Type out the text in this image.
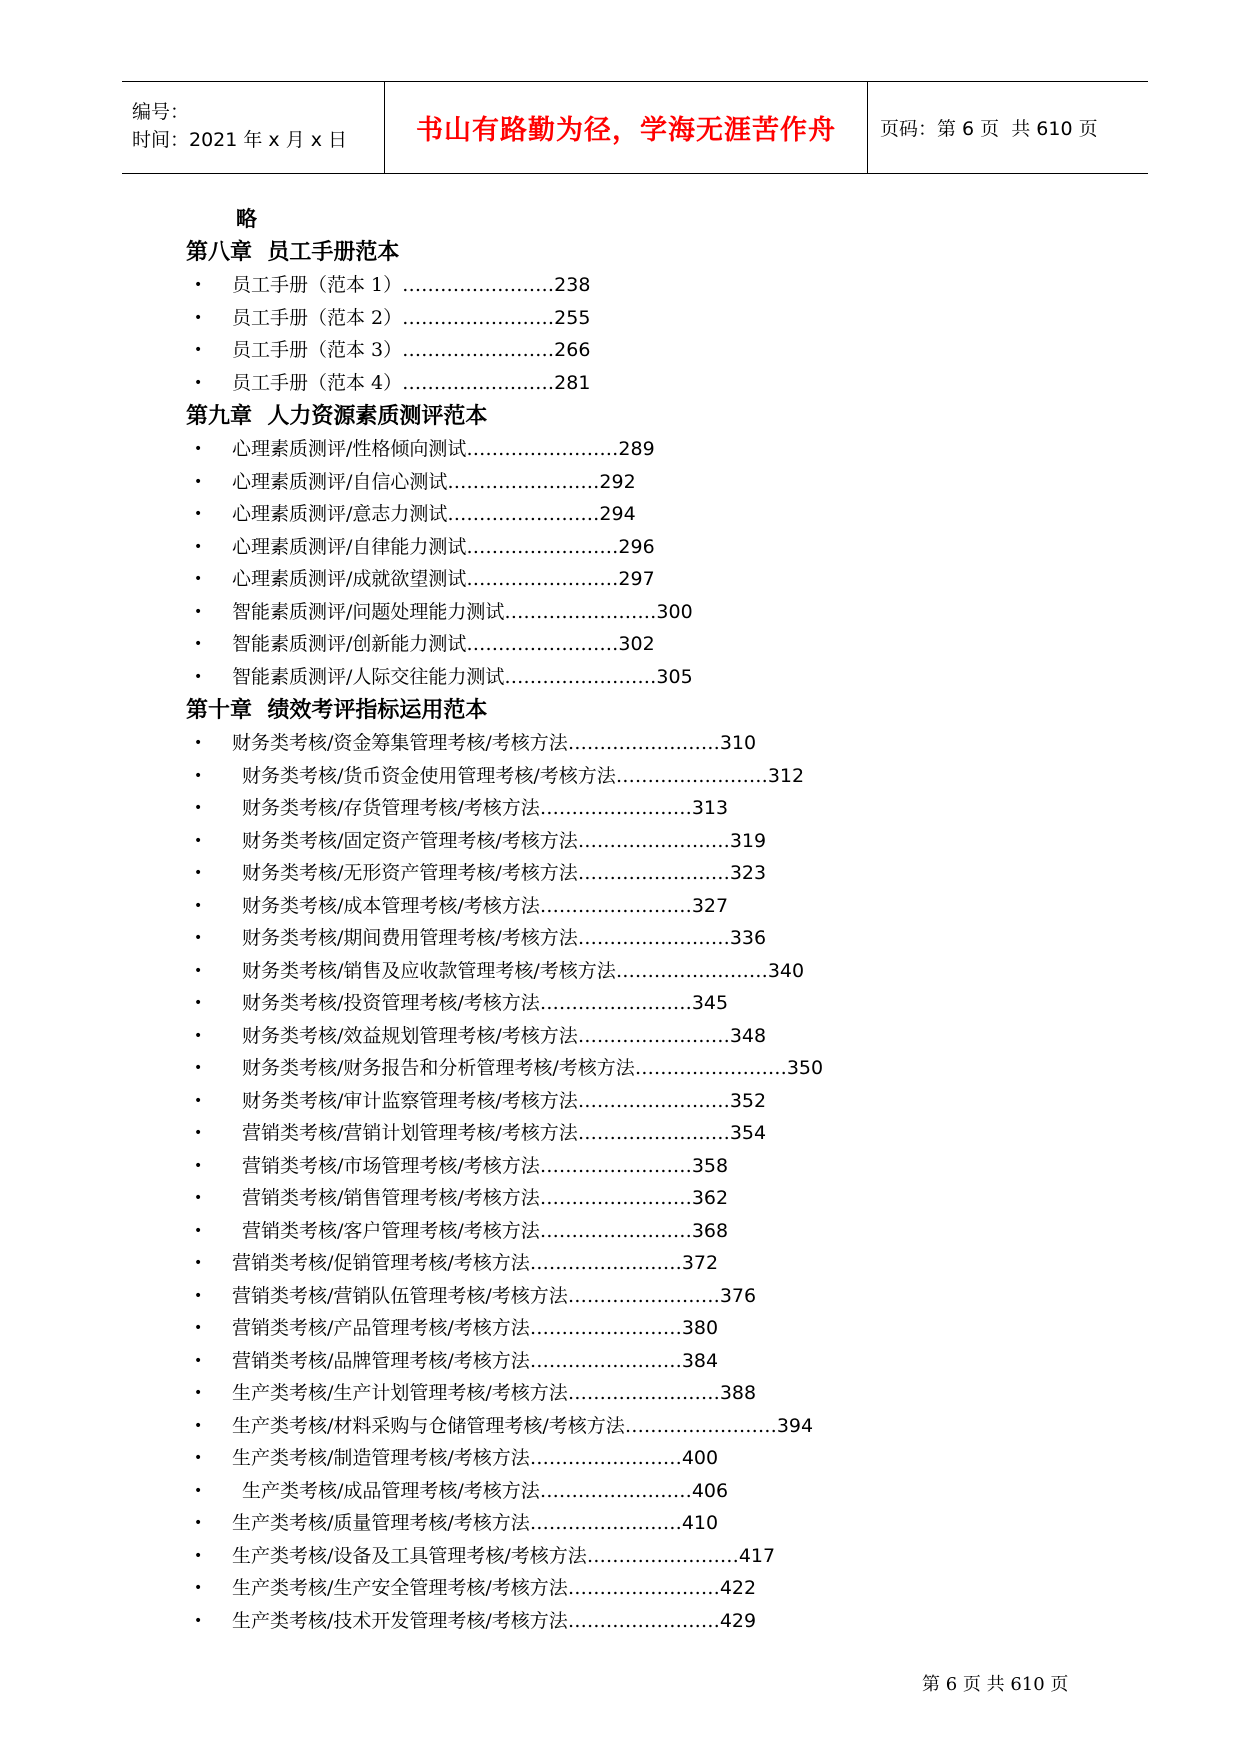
编号：
时间：2021 年 x 月 x 日	书山有路勤为径，学海无涯苦作舟 页码：第 6 页  共 610 页
略
第八章  员工手册范本
• 员工手册（范本 1）……………………238
• 员工手册（范本 2）……………………255
• 员工手册（范本 3）……………………266
• 员工手册（范本 4）……………………281
第九章  人力资源素质测评范本
• 心理素质测评/性格倾向测试……………………289
• 心理素质测评/自信心测试……………………292
• 心理素质测评/意志力测试……………………294
• 心理素质测评/自律能力测试……………………296
• 心理素质测评/成就欲望测试……………………297
• 智能素质测评/问题处理能力测试……………………300
• 智能素质测评/创新能力测试……………………302
• 智能素质测评/人际交往能力测试……………………305
第十章  绩效考评指标运用范本
• 财务类考核/资金筹集管理考核/考核方法……………………310
• 财务类考核/货币资金使用管理考核/考核方法……………………312
• 财务类考核/存货管理考核/考核方法……………………313
• 财务类考核/固定资产管理考核/考核方法……………………319
• 财务类考核/无形资产管理考核/考核方法……………………323
• 财务类考核/成本管理考核/考核方法……………………327
• 财务类考核/期间费用管理考核/考核方法……………………336
• 财务类考核/销售及应收款管理考核/考核方法……………………340
• 财务类考核/投资管理考核/考核方法……………………345
• 财务类考核/效益规划管理考核/考核方法……………………348
• 财务类考核/财务报告和分析管理考核/考核方法……………………350
• 财务类考核/审计监察管理考核/考核方法……………………352
• 营销类考核/营销计划管理考核/考核方法……………………354
• 营销类考核/市场管理考核/考核方法……………………358
• 营销类考核/销售管理考核/考核方法……………………362
• 营销类考核/客户管理考核/考核方法……………………368
• 营销类考核/促销管理考核/考核方法……………………372
• 营销类考核/营销队伍管理考核/考核方法……………………376
• 营销类考核/产品管理考核/考核方法……………………380
• 营销类考核/品牌管理考核/考核方法……………………384
• 生产类考核/生产计划管理考核/考核方法……………………388
• 生产类考核/材料采购与仓储管理考核/考核方法……………………394
• 生产类考核/制造管理考核/考核方法……………………400
• 生产类考核/成品管理考核/考核方法……………………406
• 生产类考核/质量管理考核/考核方法……………………410
• 生产类考核/设备及工具管理考核/考核方法……………………417
• 生产类考核/生产安全管理考核/考核方法……………………422
• 生产类考核/技术开发管理考核/考核方法……………………429
第 6 页 共 610 页
